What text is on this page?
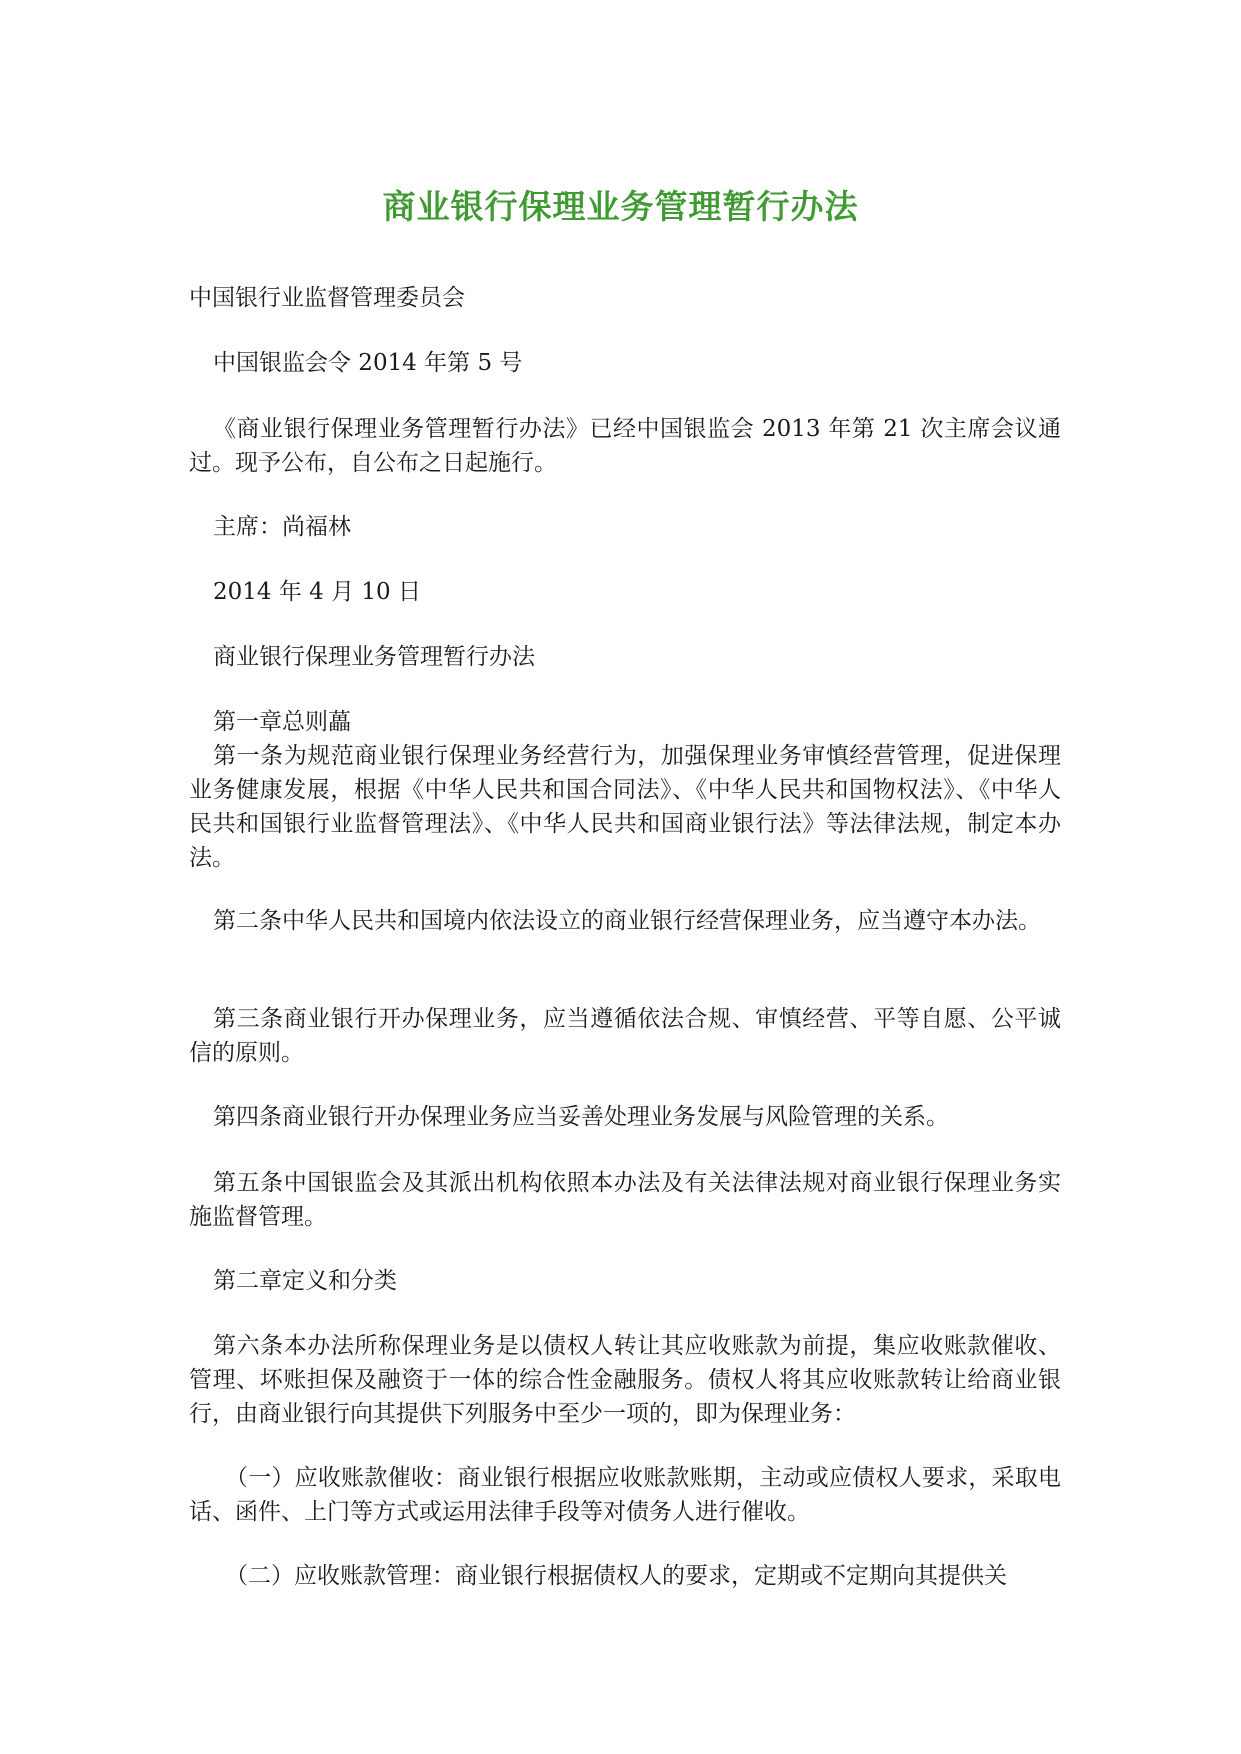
商业银行保理业务管理暂行办法

中国银行业监督管理委员会

中国银监会令 2014 年第 5 号

《商业银行保理业务管理暂行办法》已经中国银监会 2013 年第 21 次主席会议通过。现予公布，自公布之日起施行。

主席：尚福林

2014 年 4 月 10 日

商业银行保理业务管理暂行办法

第一章总则藟

第一条为规范商业银行保理业务经营行为，加强保理业务审慎经营管理，促进保理业务健康发展，根据《中华人民共和国合同法》、《中华人民共和国物权法》、《中华人民共和国银行业监督管理法》、《中华人民共和国商业银行法》等法律法规，制定本办法。

第二条中华人民共和国境内依法设立的商业银行经营保理业务，应当遵守本办法。

第三条商业银行开办保理业务，应当遵循依法合规、审慎经营、平等自愿、公平诚信的原则。

第四条商业银行开办保理业务应当妥善处理业务发展与风险管理的关系。

第五条中国银监会及其派出机构依照本办法及有关法律法规对商业银行保理业务实施监督管理。

第二章定义和分类

第六条本办法所称保理业务是以债权人转让其应收账款为前提，集应收账款催收、管理、坏账担保及融资于一体的综合性金融服务。债权人将其应收账款转让给商业银行，由商业银行向其提供下列服务中至少一项的，即为保理业务：

（一）应收账款催收：商业银行根据应收账款账期，主动或应债权人要求，采取电话、函件、上门等方式或运用法律手段等对债务人进行催收。

（二）应收账款管理：商业银行根据债权人的要求，定期或不定期向其提供关
